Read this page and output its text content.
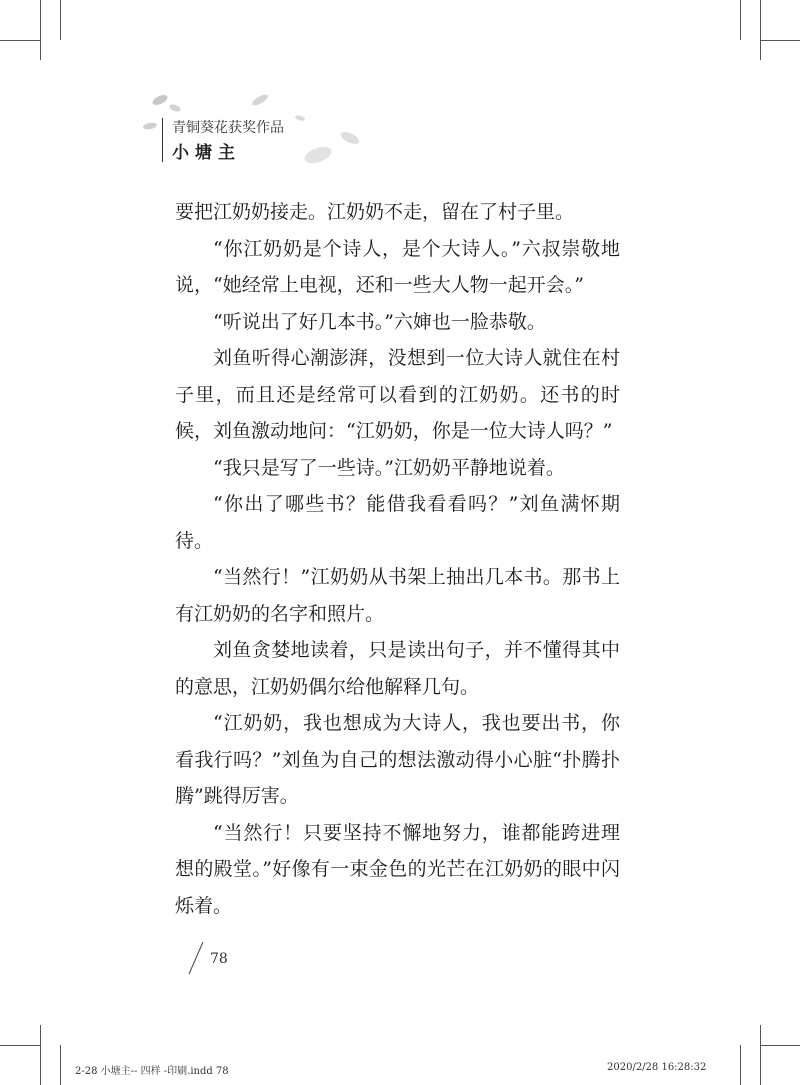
青铜葵花获奖作品
小塘主

要把江奶奶接走。江奶奶不走，留在了村子里。

“你江奶奶是个诗人，是个大诗人。”六叔崇敬地说，“她经常上电视，还和一些大人物一起开会。”

“听说出了好几本书。”六婶也一脸恭敬。

刘鱼听得心潮澎湃，没想到一位大诗人就住在村子里，而且还是经常可以看到的江奶奶。还书的时候，刘鱼激动地问：“江奶奶，你是一位大诗人吗？”

“我只是写了一些诗。”江奶奶平静地说着。

“你出了哪些书？能借我看看吗？”刘鱼满怀期待。

“当然行！”江奶奶从书架上抽出几本书。那书上有江奶奶的名字和照片。

刘鱼贪婪地读着，只是读出句子，并不懂得其中的意思，江奶奶偶尔给他解释几句。

“江奶奶，我也想成为大诗人，我也要出书，你看我行吗？”刘鱼为自己的想法激动得小心脏“扑腾扑腾”跳得厉害。

“当然行！只要坚持不懈地努力，谁都能跨进理想的殿堂。”好像有一束金色的光芒在江奶奶的眼中闪烁着。

78
2-28 小塘主-- 四样 -印刷.indd 78	2020/2/28 16:28:32
